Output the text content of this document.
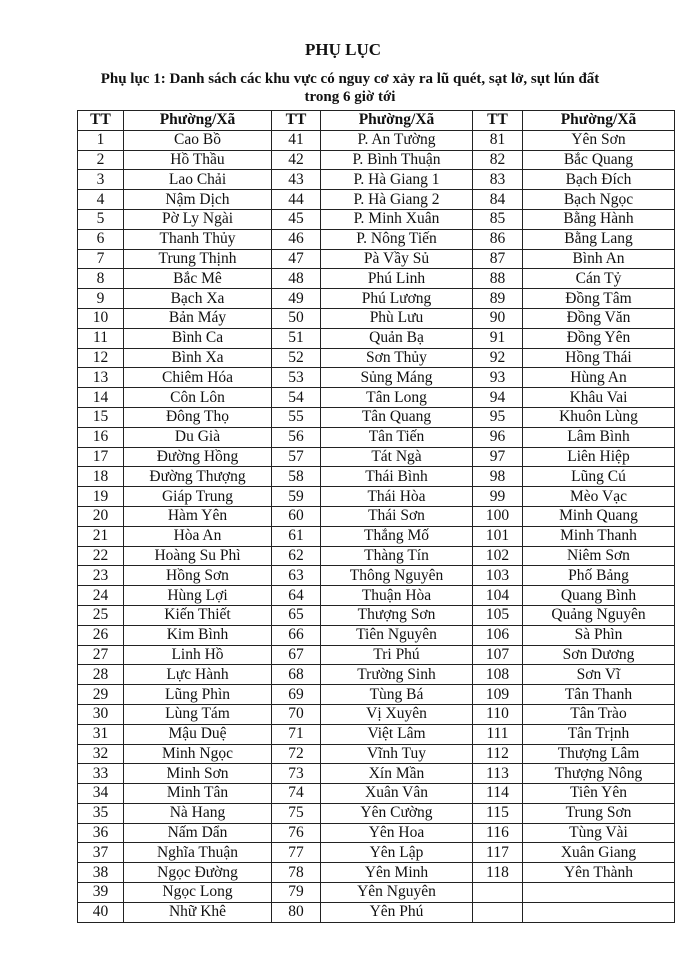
PHỤ LỤC
Phụ lục 1: Danh sách các khu vực có nguy cơ xảy ra lũ quét, sạt lở, sụt lún đất trong 6 giờ tới
TT	Phường/Xã	TT	Phường/Xã	TT	Phường/Xã
1	Cao Bồ	41	P. An Tường	81	Yên Sơn
2	Hồ Thầu	42	P. Bình Thuận	82	Bắc Quang
3	Lao Chải	43	P. Hà Giang 1	83	Bạch Đích
4	Nậm Dịch	44	P. Hà Giang 2	84	Bạch Ngọc
5	Pờ Ly Ngài	45	P. Minh Xuân	85	Bằng Hành
6	Thanh Thủy	46	P. Nông Tiến	86	Bằng Lang
7	Trung Thịnh	47	Pà Vầy Sủ	87	Bình An
8	Bắc Mê	48	Phú Linh	88	Cán Tỷ
9	Bạch Xa	49	Phú Lương	89	Đồng Tâm
10	Bản Máy	50	Phù Lưu	90	Đồng Văn
11	Bình Ca	51	Quản Bạ	91	Đồng Yên
12	Bình Xa	52	Sơn Thủy	92	Hồng Thái
13	Chiêm Hóa	53	Sủng Máng	93	Hùng An
14	Côn Lôn	54	Tân Long	94	Khâu Vai
15	Đông Thọ	55	Tân Quang	95	Khuôn Lùng
16	Du Già	56	Tân Tiến	96	Lâm Bình
17	Đường Hồng	57	Tát Ngà	97	Liên Hiệp
18	Đường Thượng	58	Thái Bình	98	Lũng Cú
19	Giáp Trung	59	Thái Hòa	99	Mèo Vạc
20	Hàm Yên	60	Thái Sơn	100	Minh Quang
21	Hòa An	61	Thắng Mố	101	Minh Thanh
22	Hoàng Su Phì	62	Thàng Tín	102	Niêm Sơn
23	Hồng Sơn	63	Thông Nguyên	103	Phố Bảng
24	Hùng Lợi	64	Thuận Hòa	104	Quang Bình
25	Kiến Thiết	65	Thượng Sơn	105	Quảng Nguyên
26	Kim Bình	66	Tiên Nguyên	106	Sà Phìn
27	Linh Hồ	67	Tri Phú	107	Sơn Dương
28	Lực Hành	68	Trường Sinh	108	Sơn Vĩ
29	Lũng Phìn	69	Tùng Bá	109	Tân Thanh
30	Lùng Tám	70	Vị Xuyên	110	Tân Trào
31	Mậu Duệ	71	Việt Lâm	111	Tân Trịnh
32	Minh Ngọc	72	Vĩnh Tuy	112	Thượng Lâm
33	Minh Sơn	73	Xín Mần	113	Thượng Nông
34	Minh Tân	74	Xuân Vân	114	Tiên Yên
35	Nà Hang	75	Yên Cường	115	Trung Sơn
36	Nấm Dẩn	76	Yên Hoa	116	Tùng Vài
37	Nghĩa Thuận	77	Yên Lập	117	Xuân Giang
38	Ngọc Đường	78	Yên Minh	118	Yên Thành
39	Ngọc Long	79	Yên Nguyên		
40	Nhữ Khê	80	Yên Phú		
